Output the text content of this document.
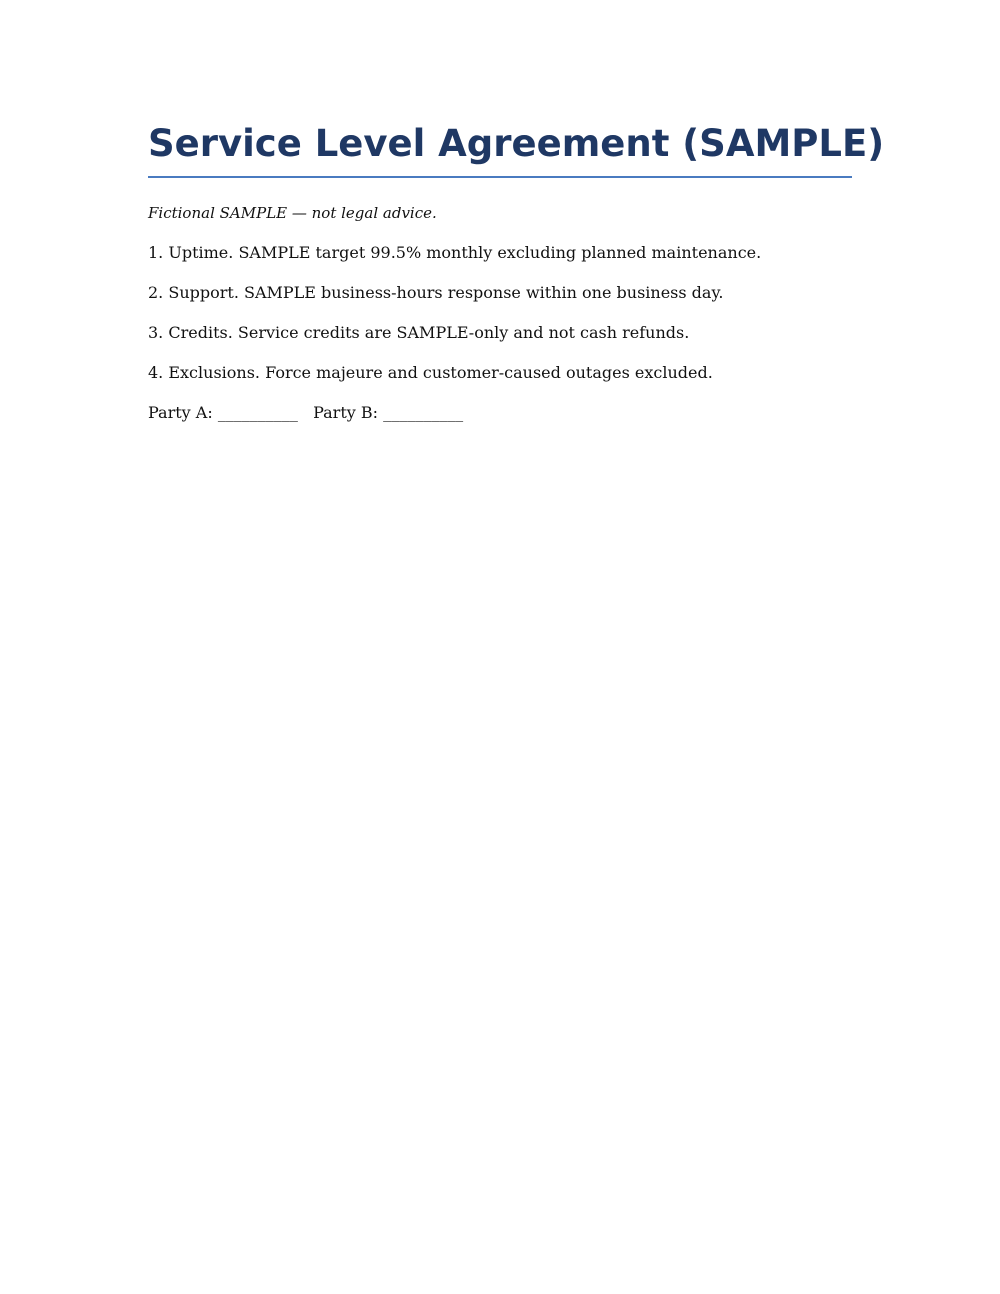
Service Level Agreement (SAMPLE)

Fictional SAMPLE — not legal advice.

1. Uptime. SAMPLE target 99.5% monthly excluding planned maintenance.

2. Support. SAMPLE business-hours response within one business day.

3. Credits. Service credits are SAMPLE-only and not cash refunds.

4. Exclusions. Force majeure and customer-caused outages excluded.

Party A: __________   Party B: __________
